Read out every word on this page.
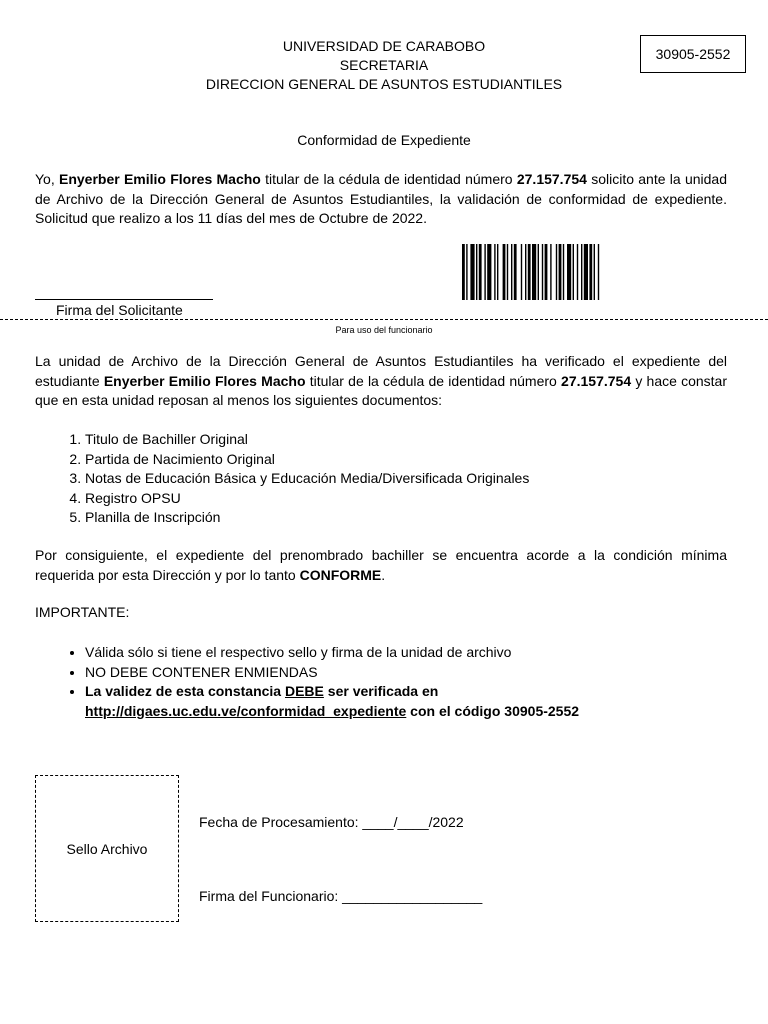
UNIVERSIDAD DE CARABOBO
SECRETARIA
DIRECCION GENERAL DE ASUNTOS ESTUDIANTILES
30905-2552
Conformidad de Expediente
Yo, Enyerber Emilio Flores Macho titular de la cédula de identidad número 27.157.754 solicito ante la unidad de Archivo de la Dirección General de Asuntos Estudiantiles, la validación de conformidad de expediente. Solicitud que realizo a los 11 días del mes de Octubre de 2022.
Firma del Solicitante
Para uso del funcionario
La unidad de Archivo de la Dirección General de Asuntos Estudiantiles ha verificado el expediente del estudiante Enyerber Emilio Flores Macho titular de la cédula de identidad número 27.157.754 y hace constar que en esta unidad reposan al menos los siguientes documentos:
1. Titulo de Bachiller Original
2. Partida de Nacimiento Original
3. Notas de Educación Básica y Educación Media/Diversificada Originales
4. Registro OPSU
5. Planilla de Inscripción
Por consiguiente, el expediente del prenombrado bachiller se encuentra acorde a la condición mínima requerida por esta Dirección y por lo tanto CONFORME.
IMPORTANTE:
• Válida sólo si tiene el respectivo sello y firma de la unidad de archivo
• NO DEBE CONTENER ENMIENDAS
• La validez de esta constancia DEBE ser verificada en http://digaes.uc.edu.ve/conformidad_expediente con el código 30905-2552
Sello Archivo
Fecha de Procesamiento: ____/____/2022
Firma del Funcionario: __________________
